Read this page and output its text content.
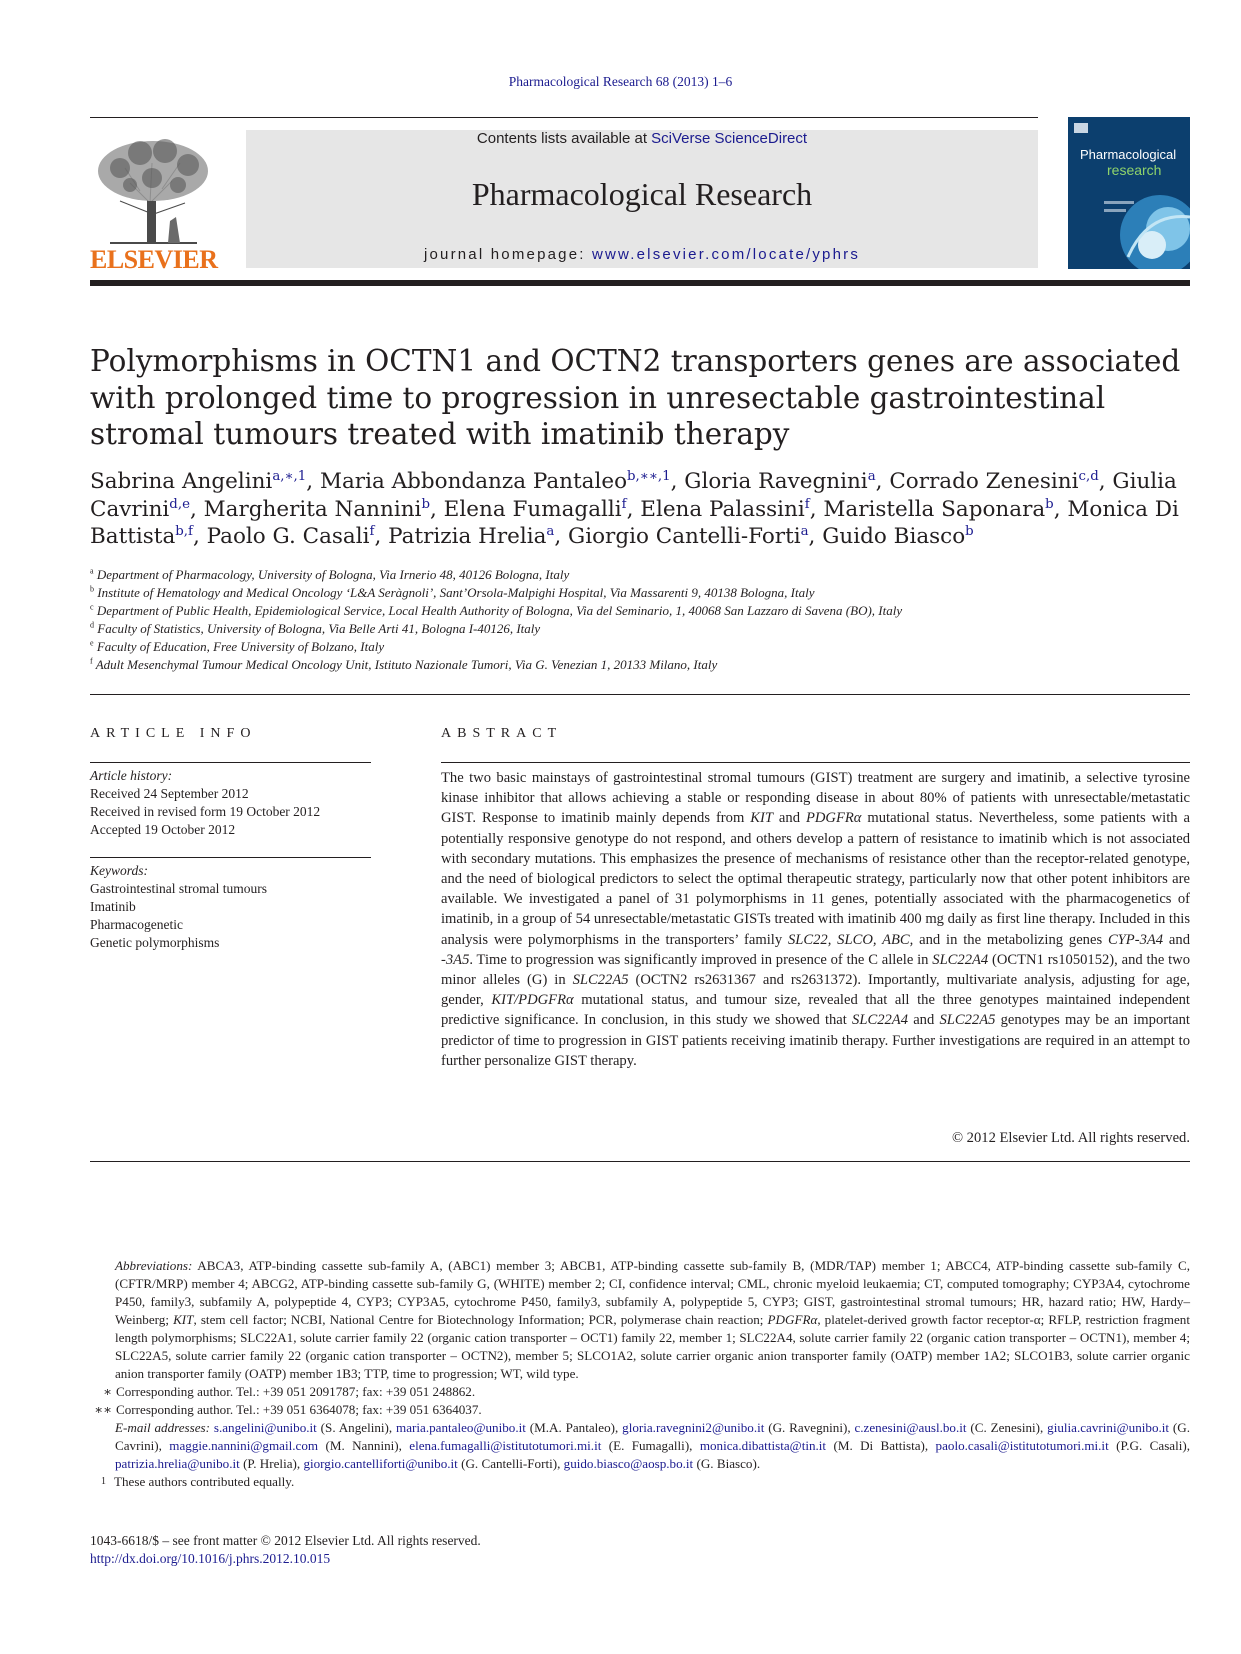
Pharmacological Research 68 (2013) 1–6
ELSEVIER
Contents lists available at SciVerse ScienceDirect
Pharmacological Research
journal homepage: www.elsevier.com/locate/yphrs
Pharmacological
research
Polymorphisms in OCTN1 and OCTN2 transporters genes are associated with prolonged time to progression in unresectable gastrointestinal stromal tumours treated with imatinib therapy
Sabrina Angelini$^{a,∗,1}$, Maria Abbondanza Pantaleo$^{b,∗∗,1}$, Gloria Ravegnini$^a$, Corrado Zenesini$^{c,d}$, Giulia Cavrini$^{d,e}$, Margherita Nannini$^b$, Elena Fumagalli$^f$, Elena Palassini$^f$, Maristella Saponara$^b$, Monica Di Battista$^{b,f}$, Paolo G. Casali$^f$, Patrizia Hrelia$^a$, Giorgio Cantelli-Forti$^a$, Guido Biasco$^b$
$^a$ Department of Pharmacology, University of Bologna, Via Irnerio 48, 40126 Bologna, Italy
$^b$ Institute of Hematology and Medical Oncology ‘L&A Seràgnoli’, Sant’Orsola-Malpighi Hospital, Via Massarenti 9, 40138 Bologna, Italy
$^c$ Department of Public Health, Epidemiological Service, Local Health Authority of Bologna, Via del Seminario, 1, 40068 San Lazzaro di Savena (BO), Italy
$^d$ Faculty of Statistics, University of Bologna, Via Belle Arti 41, Bologna I-40126, Italy
$^e$ Faculty of Education, Free University of Bolzano, Italy
$^f$ Adult Mesenchymal Tumour Medical Oncology Unit, Istituto Nazionale Tumori, Via G. Venezian 1, 20133 Milano, Italy
ARTICLE INFO
Article history:
Received 24 September 2012
Received in revised form 19 October 2012
Accepted 19 October 2012
Keywords:
Gastrointestinal stromal tumours
Imatinib
Pharmacogenetic
Genetic polymorphisms
ABSTRACT
The two basic mainstays of gastrointestinal stromal tumours (GIST) treatment are surgery and imatinib, a selective tyrosine kinase inhibitor that allows achieving a stable or responding disease in about 80% of patients with unresectable/metastatic GIST. Response to imatinib mainly depends from KIT and PDGFRα mutational status. Nevertheless, some patients with a potentially responsive genotype do not respond, and others develop a pattern of resistance to imatinib which is not associated with secondary mutations. This emphasizes the presence of mechanisms of resistance other than the receptor-related genotype, and the need of biological predictors to select the optimal therapeutic strategy, particularly now that other potent inhibitors are available. We investigated a panel of 31 polymorphisms in 11 genes, potentially associated with the pharmacogenetics of imatinib, in a group of 54 unresectable/metastatic GISTs treated with imatinib 400 mg daily as first line therapy. Included in this analysis were polymorphisms in the transporters’ family SLC22, SLCO, ABC, and in the metabolizing genes CYP-3A4 and -3A5. Time to progression was significantly improved in presence of the C allele in SLC22A4 (OCTN1 rs1050152), and the two minor alleles (G) in SLC22A5 (OCTN2 rs2631367 and rs2631372). Importantly, multivariate analysis, adjusting for age, gender, KIT/PDGFRα mutational status, and tumour size, revealed that all the three genotypes maintained independent predictive significance. In conclusion, in this study we showed that SLC22A4 and SLC22A5 genotypes may be an important predictor of time to progression in GIST patients receiving imatinib therapy. Further investigations are required in an attempt to further personalize GIST therapy.
© 2012 Elsevier Ltd. All rights reserved.

Abbreviations: ABCA3, ATP-binding cassette sub-family A, (ABC1) member 3; ABCB1, ATP-binding cassette sub-family B, (MDR/TAP) member 1; ABCC4, ATP-binding cassette sub-family C, (CFTR/MRP) member 4; ABCG2, ATP-binding cassette sub-family G, (WHITE) member 2; CI, confidence interval; CML, chronic myeloid leukaemia; CT, computed tomography; CYP3A4, cytochrome P450, family3, subfamily A, polypeptide 4, CYP3; CYP3A5, cytochrome P450, family3, subfamily A, polypeptide 5, CYP3; GIST, gastrointestinal stromal tumours; HR, hazard ratio; HW, Hardy–Weinberg; KIT, stem cell factor; NCBI, National Centre for Biotechnology Information; PCR, polymerase chain reaction; PDGFRα, platelet-derived growth factor receptor-α; RFLP, restriction fragment length polymorphisms; SLC22A1, solute carrier family 22 (organic cation transporter – OCT1) family 22, member 1; SLC22A4, solute carrier family 22 (organic cation transporter – OCTN1), member 4; SLC22A5, solute carrier family 22 (organic cation transporter – OCTN2), member 5; SLCO1A2, solute carrier organic anion transporter family (OATP) member 1A2; SLCO1B3, solute carrier organic anion transporter family (OATP) member 1B3; TTP, time to progression; WT, wild type.

∗ Corresponding author. Tel.: +39 051 2091787; fax: +39 051 248862.

∗∗ Corresponding author. Tel.: +39 051 6364078; fax: +39 051 6364037.

E-mail addresses: s.angelini@unibo.it (S. Angelini), maria.pantaleo@unibo.it (M.A. Pantaleo), gloria.ravegnini2@unibo.it (G. Ravegnini), c.zenesini@ausl.bo.it (C. Zenesini), giulia.cavrini@unibo.it (G. Cavrini), maggie.nannini@gmail.com (M. Nannini), elena.fumagalli@istitutotumori.mi.it (E. Fumagalli), monica.dibattista@tin.it (M. Di Battista), paolo.casali@istitutotumori.mi.it (P.G. Casali), patrizia.hrelia@unibo.it (P. Hrelia), giorgio.cantelliforti@unibo.it (G. Cantelli-Forti), guido.biasco@aosp.bo.it (G. Biasco).

1 These authors contributed equally.

1043-6618/$ – see front matter © 2012 Elsevier Ltd. All rights reserved.
http://dx.doi.org/10.1016/j.phrs.2012.10.015
